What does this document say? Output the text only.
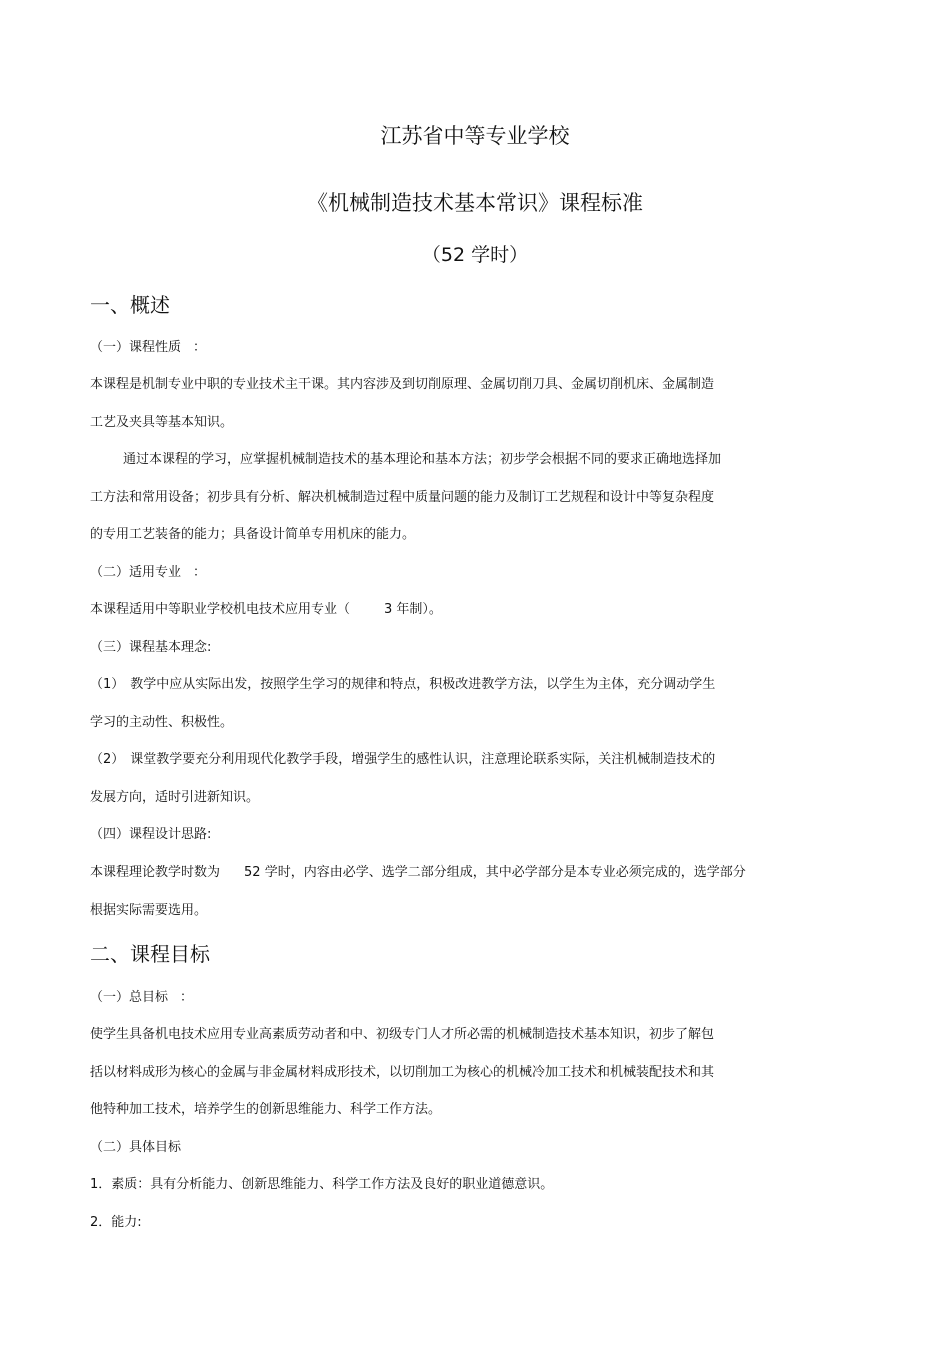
江苏省中等专业学校
《机械制造技术基本常识》课程标准
（52 学时）
一、概述
（一）课程性质 ：
本课程是机制专业中职的专业技术主干课。其内容涉及到切削原理、金属切削刀具、金属切削机床、金属制造
工艺及夹具等基本知识。
通过本课程的学习，应掌握机械制造技术的基本理论和基本方法；初步学会根据不同的要求正确地选择加
工方法和常用设备；初步具有分析、解决机械制造过程中质量问题的能力及制订工艺规程和设计中等复杂程度
的专用工艺装备的能力；具备设计简单专用机床的能力。
（二）适用专业 ：
本课程适用中等职业学校机电技术应用专业（	3 年制）。
（三）课程基本理念:
（1） 教学中应从实际出发，按照学生学习的规律和特点，积极改进教学方法，以学生为主体，充分调动学生
学习的主动性、积极性。
（2） 课堂教学要充分利用现代化教学手段，增强学生的感性认识，注意理论联系实际，关注机械制造技术的
发展方向，适时引进新知识。
（四）课程设计思路:
本课程理论教学时数为 52 学时，内容由必学、选学二部分组成，其中必学部分是本专业必须完成的，选学部分
根据实际需要选用。
二、课程目标
（一）总目标 ：
使学生具备机电技术应用专业高素质劳动者和中、初级专门人才所必需的机械制造技术基本知识，初步了解包
括以材料成形为核心的金属与非金属材料成形技术，以切削加工为核心的机械冷加工技术和机械装配技术和其
他特种加工技术，培养学生的创新思维能力、科学工作方法。
（二）具体目标
1．素质：具有分析能力、创新思维能力、科学工作方法及良好的职业道德意识。
2．能力:
